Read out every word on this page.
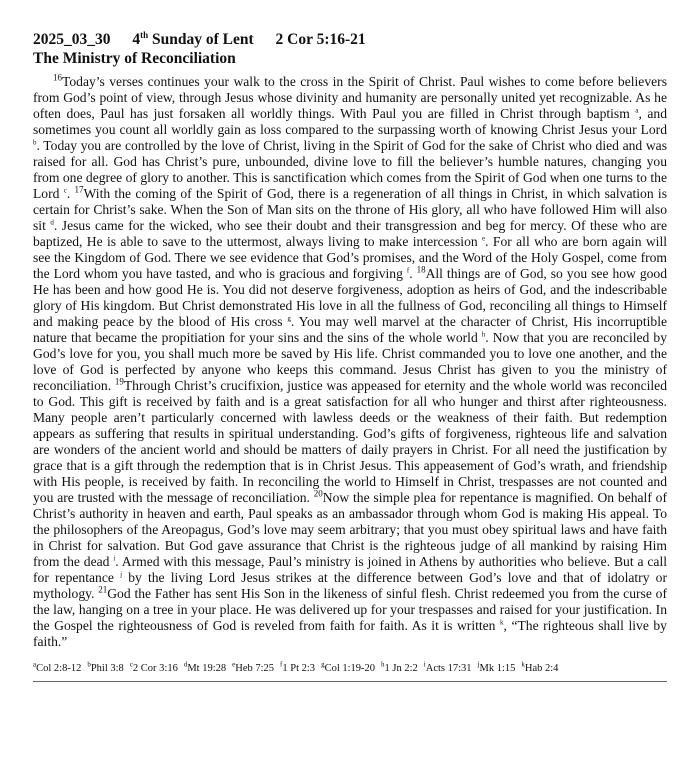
2025_03_30 4th Sunday of Lent 2 Cor 5:16-21
The Ministry of Reconciliation

$^{16}$Today’s verses continues your walk to the cross in the Spirit of Christ. Paul wishes to come before believers from God’s point of view, through Jesus whose divinity and humanity are personally united yet recognizable. As he often does, Paul has just forsaken all worldly things. With Paul you are filled in Christ through baptism $^a$, and sometimes you count all worldly gain as loss compared to the surpassing worth of knowing Christ Jesus your Lord $^b$. Today you are controlled by the love of Christ, living in the Spirit of God for the sake of Christ who died and was raised for all. God has Christ’s pure, unbounded, divine love to fill the believer’s humble natures, changing you from one degree of glory to another. This is sanctification which comes from the Spirit of God when one turns to the Lord $^c$. $^{17}$With the coming of the Spirit of God, there is a regeneration of all things in Christ, in which salvation is certain for Christ’s sake. When the Son of Man sits on the throne of His glory, all who have followed Him will also sit $^d$. Jesus came for the wicked, who see their doubt and their transgression and beg for mercy. Of these who are baptized, He is able to save to the uttermost, always living to make intercession $^e$. For all who are born again will see the Kingdom of God. There we see evidence that God’s promises, and the Word of the Holy Gospel, come from the Lord whom you have tasted, and who is gracious and forgiving $^f$. $^{18}$All things are of God, so you see how good He has been and how good He is. You did not deserve forgiveness, adoption as heirs of God, and the indescribable glory of His kingdom. But Christ demonstrated His love in all the fullness of God, reconciling all things to Himself and making peace by the blood of His cross $^g$. You may well marvel at the character of Christ, His incorruptible nature that became the propitiation for your sins and the sins of the whole world $^h$. Now that you are reconciled by God’s love for you, you shall much more be saved by His life. Christ commanded you to love one another, and the love of God is perfected by anyone who keeps this command. Jesus Christ has given to you the ministry of reconciliation. $^{19}$Through Christ’s crucifixion, justice was appeased for eternity and the whole world was reconciled to God. This gift is received by faith and is a great satisfaction for all who hunger and thirst after righteousness. Many people aren’t particularly concerned with lawless deeds or the weakness of their faith. But redemption appears as suffering that results in spiritual understanding. God’s gifts of forgiveness, righteous life and salvation are wonders of the ancient world and should be matters of daily prayers in Christ. For all need the justification by grace that is a gift through the redemption that is in Christ Jesus. This appeasement of God’s wrath, and friendship with His people, is received by faith. In reconciling the world to Himself in Christ, trespasses are not counted and you are trusted with the message of reconciliation. $^{20}$Now the simple plea for repentance is magnified. On behalf of Christ’s authority in heaven and earth, Paul speaks as an ambassador through whom God is making His appeal. To the philosophers of the Areopagus, God’s love may seem arbitrary; that you must obey spiritual laws and have faith in Christ for salvation. But God gave assurance that Christ is the righteous judge of all mankind by raising Him from the dead $^i$. Armed with this message, Paul’s ministry is joined in Athens by authorities who believe. But a call for repentance $^j$ by the living Lord Jesus strikes at the difference between God’s love and that of idolatry or mythology. $^{21}$God the Father has sent His Son in the likeness of sinful flesh. Christ redeemed you from the curse of the law, hanging on a tree in your place. He was delivered up for your trespasses and raised for your justification. In the Gospel the righteousness of God is reveled from faith for faith. As it is written $^k$, “The righteous shall live by faith.”

$^a$Col 2:8-12 $^b$Phil 3:8 $^c$2 Cor 3:16 $^d$Mt 19:28 $^e$Heb 7:25 $^f$1 Pt 2:3 $^g$Col 1:19-20 $^h$1 Jn 2:2 $^i$Acts 17:31 $^j$Mk 1:15 $^k$Hab 2:4
